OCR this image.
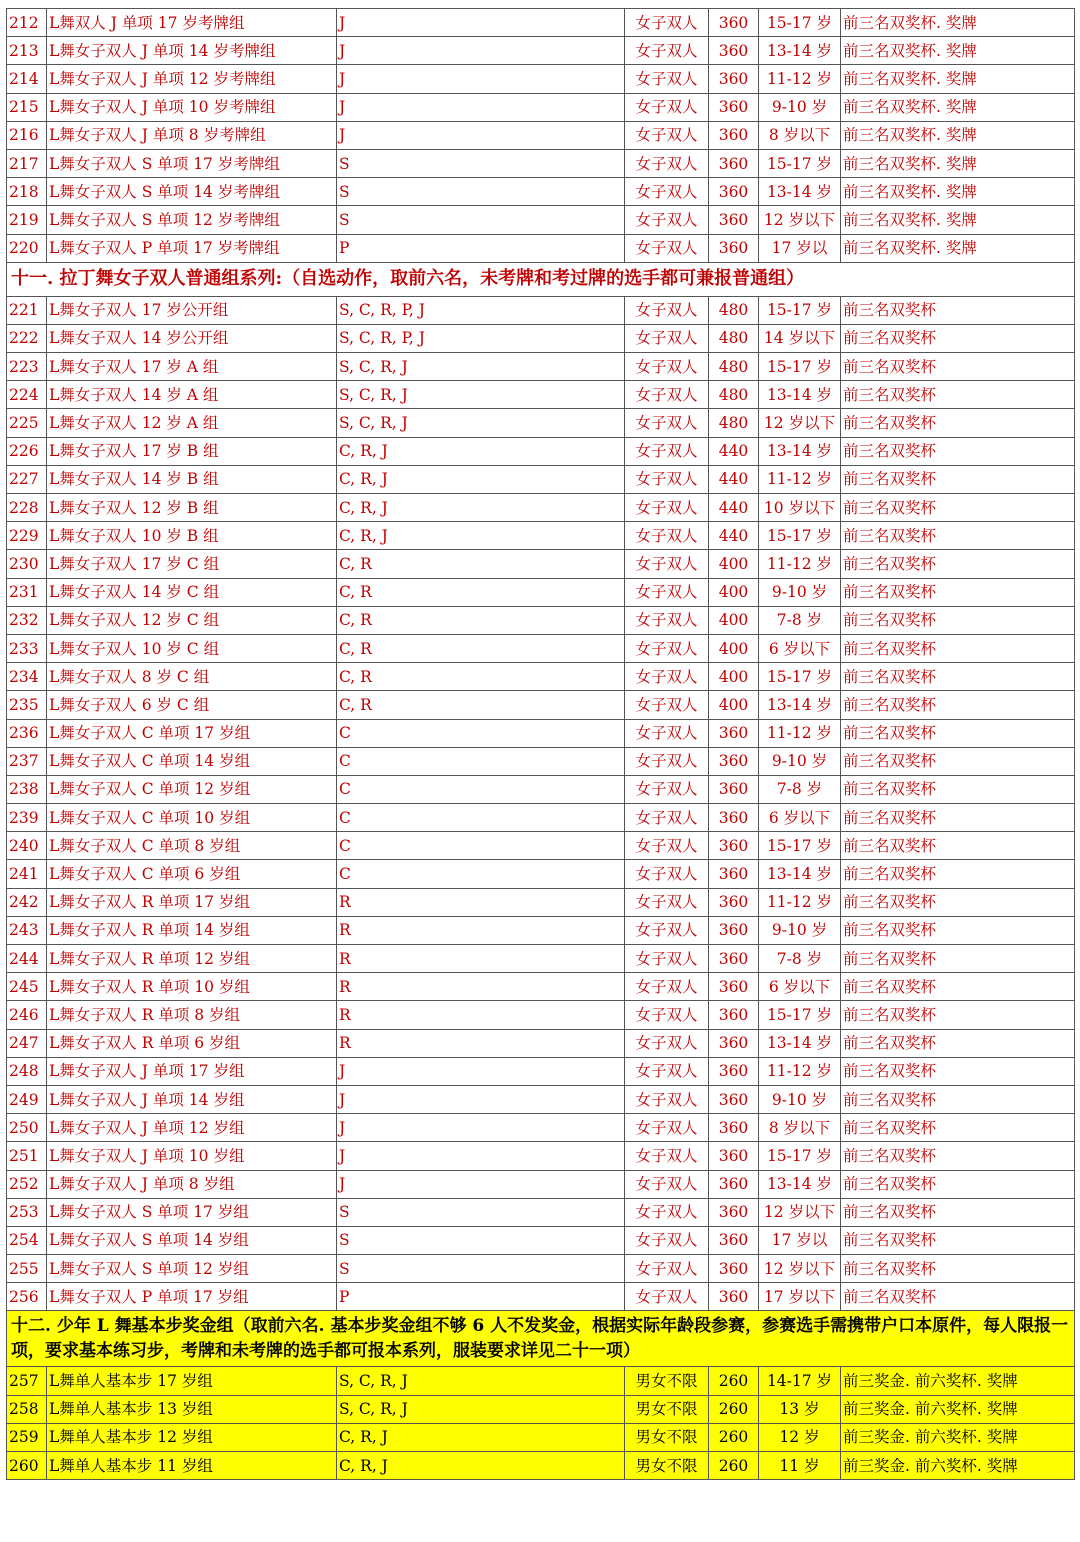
212	L舞双人 J 单项 17 岁考牌组	J	女子双人	360	15-17 岁	前三名双奖杯. 奖牌
213	L舞女子双人 J 单项 14 岁考牌组	J	女子双人	360	13-14 岁	前三名双奖杯. 奖牌
214	L舞女子双人 J 单项 12 岁考牌组	J	女子双人	360	11-12 岁	前三名双奖杯. 奖牌
215	L舞女子双人 J 单项 10 岁考牌组	J	女子双人	360	9-10 岁	前三名双奖杯. 奖牌
216	L舞女子双人 J 单项 8 岁考牌组	J	女子双人	360	8 岁以下	前三名双奖杯. 奖牌
217	L舞女子双人 S 单项 17 岁考牌组	S	女子双人	360	15-17 岁	前三名双奖杯. 奖牌
218	L舞女子双人 S 单项 14 岁考牌组	S	女子双人	360	13-14 岁	前三名双奖杯. 奖牌
219	L舞女子双人 S 单项 12 岁考牌组	S	女子双人	360	12 岁以下	前三名双奖杯. 奖牌
220	L舞女子双人 P 单项 17 岁考牌组	P	女子双人	360	17 岁以	前三名双奖杯. 奖牌
十一. 拉丁舞女子双人普通组系列:（自选动作，取前六名，未考牌和考过牌的选手都可兼报普通组）						
221	L舞女子双人 17 岁公开组	S, C, R, P, J	女子双人	480	15-17 岁	前三名双奖杯
222	L舞女子双人 14 岁公开组	S, C, R, P, J	女子双人	480	14 岁以下	前三名双奖杯
223	L舞女子双人 17 岁 A 组	S, C, R, J	女子双人	480	15-17 岁	前三名双奖杯
224	L舞女子双人 14 岁 A 组	S, C, R, J	女子双人	480	13-14 岁	前三名双奖杯
225	L舞女子双人 12 岁 A 组	S, C, R, J	女子双人	480	12 岁以下	前三名双奖杯
226	L舞女子双人 17 岁 B 组	C, R, J	女子双人	440	13-14 岁	前三名双奖杯
227	L舞女子双人 14 岁 B 组	C, R, J	女子双人	440	11-12 岁	前三名双奖杯
228	L舞女子双人 12 岁 B 组	C, R, J	女子双人	440	10 岁以下	前三名双奖杯
229	L舞女子双人 10 岁 B 组	C, R, J	女子双人	440	15-17 岁	前三名双奖杯
230	L舞女子双人 17 岁 C 组	C, R	女子双人	400	11-12 岁	前三名双奖杯
231	L舞女子双人 14 岁 C 组	C, R	女子双人	400	9-10 岁	前三名双奖杯
232	L舞女子双人 12 岁 C 组	C, R	女子双人	400	7-8 岁	前三名双奖杯
233	L舞女子双人 10 岁 C 组	C, R	女子双人	400	6 岁以下	前三名双奖杯
234	L舞女子双人 8 岁 C 组	C, R	女子双人	400	15-17 岁	前三名双奖杯
235	L舞女子双人 6 岁 C 组	C, R	女子双人	400	13-14 岁	前三名双奖杯
236	L舞女子双人 C 单项 17 岁组	C	女子双人	360	11-12 岁	前三名双奖杯
237	L舞女子双人 C 单项 14 岁组	C	女子双人	360	9-10 岁	前三名双奖杯
238	L舞女子双人 C 单项 12 岁组	C	女子双人	360	7-8 岁	前三名双奖杯
239	L舞女子双人 C 单项 10 岁组	C	女子双人	360	6 岁以下	前三名双奖杯
240	L舞女子双人 C 单项 8 岁组	C	女子双人	360	15-17 岁	前三名双奖杯
241	L舞女子双人 C 单项 6 岁组	C	女子双人	360	13-14 岁	前三名双奖杯
242	L舞女子双人 R 单项 17 岁组	R	女子双人	360	11-12 岁	前三名双奖杯
243	L舞女子双人 R 单项 14 岁组	R	女子双人	360	9-10 岁	前三名双奖杯
244	L舞女子双人 R 单项 12 岁组	R	女子双人	360	7-8 岁	前三名双奖杯
245	L舞女子双人 R 单项 10 岁组	R	女子双人	360	6 岁以下	前三名双奖杯
246	L舞女子双人 R 单项 8 岁组	R	女子双人	360	15-17 岁	前三名双奖杯
247	L舞女子双人 R 单项 6 岁组	R	女子双人	360	13-14 岁	前三名双奖杯
248	L舞女子双人 J 单项 17 岁组	J	女子双人	360	11-12 岁	前三名双奖杯
249	L舞女子双人 J 单项 14 岁组	J	女子双人	360	9-10 岁	前三名双奖杯
250	L舞女子双人 J 单项 12 岁组	J	女子双人	360	8 岁以下	前三名双奖杯
251	L舞女子双人 J 单项 10 岁组	J	女子双人	360	15-17 岁	前三名双奖杯
252	L舞女子双人 J 单项 8 岁组	J	女子双人	360	13-14 岁	前三名双奖杯
253	L舞女子双人 S 单项 17 岁组	S	女子双人	360	12 岁以下	前三名双奖杯
254	L舞女子双人 S 单项 14 岁组	S	女子双人	360	17 岁以	前三名双奖杯
255	L舞女子双人 S 单项 12 岁组	S	女子双人	360	12 岁以下	前三名双奖杯
256	L舞女子双人 P 单项 17 岁组	P	女子双人	360	17 岁以下	前三名双奖杯
十二. 少年 L 舞基本步奖金组（取前六名. 基本步奖金组不够 6 人不发奖金，根据实际年龄段参赛，参赛选手需携带户口本原件，每人限报一项，要求基本练习步，考牌和未考牌的选手都可报本系列，服装要求详见二十一项）						
257	L舞单人基本步 17 岁组	S, C, R, J	男女不限	260	14-17 岁	前三奖金. 前六奖杯. 奖牌
258	L舞单人基本步 13 岁组	S, C, R, J	男女不限	260	13 岁	前三奖金. 前六奖杯. 奖牌
259	L舞单人基本步 12 岁组	C, R, J	男女不限	260	12 岁	前三奖金. 前六奖杯. 奖牌
260	L舞单人基本步 11 岁组	C, R, J	男女不限	260	11 岁	前三奖金. 前六奖杯. 奖牌
